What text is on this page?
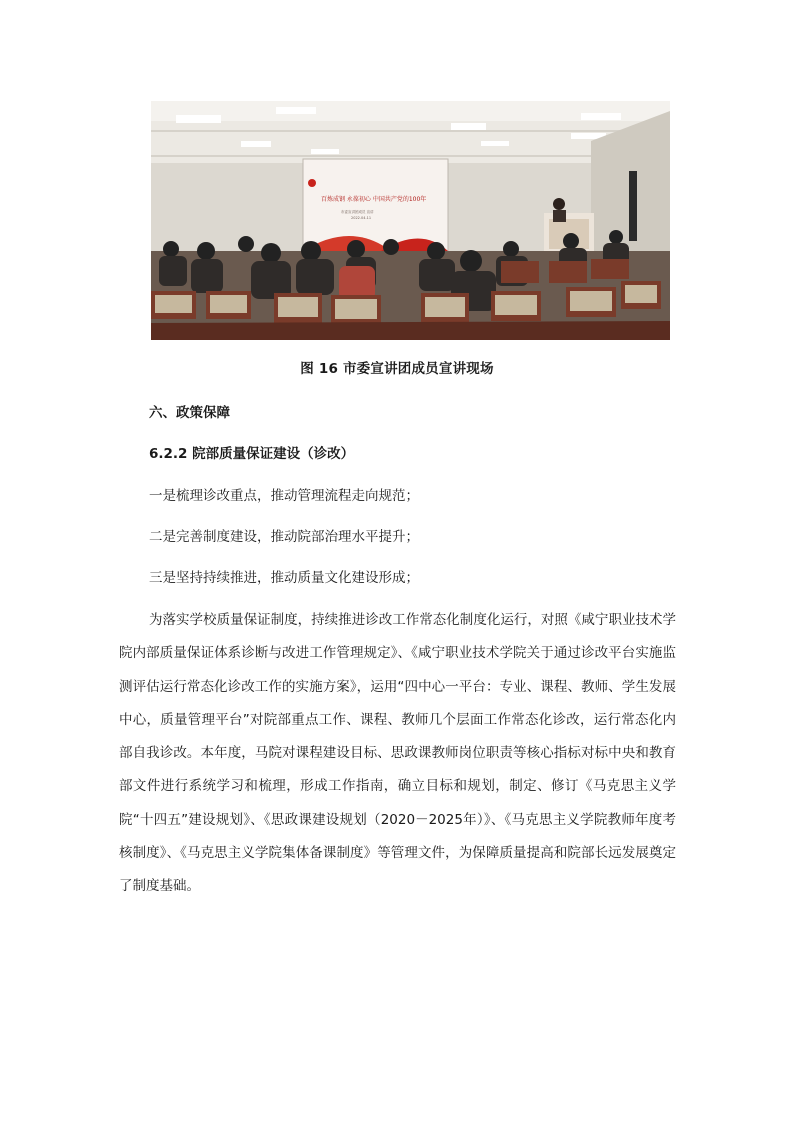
百炼成钢 永葆初心 中国共产党的100年
市委宣讲团成员 宣讲
2022.04.11
图 16 市委宣讲团成员宣讲现场
六、政策保障
6.2.2 院部质量保证建设（诊改）
一是梳理诊改重点，推动管理流程走向规范；
二是完善制度建设，推动院部治理水平提升；
三是坚持持续推进，推动质量文化建设形成；
为落实学校质量保证制度，持续推进诊改工作常态化制度化运行，对照《咸宁职业技术学院内部质量保证体系诊断与改进工作管理规定》、《咸宁职业技术学院关于通过诊改平台实施监测评估运行常态化诊改工作的实施方案》，运用“四中心一平台：专业、课程、教师、学生发展中心，质量管理平台”对院部重点工作、课程、教师几个层面工作常态化诊改，运行常态化内部自我诊改。本年度，马院对课程建设目标、思政课教师岗位职责等核心指标对标中央和教育部文件进行系统学习和梳理，形成工作指南，确立目标和规划，制定、修订《马克思主义学院“十四五”建设规划》、《思政课建设规划（2020－2025年）》、《马克思主义学院教师年度考核制度》、《马克思主义学院集体备课制度》等管理文件，为保障质量提高和院部长远发展奠定了制度基础。
